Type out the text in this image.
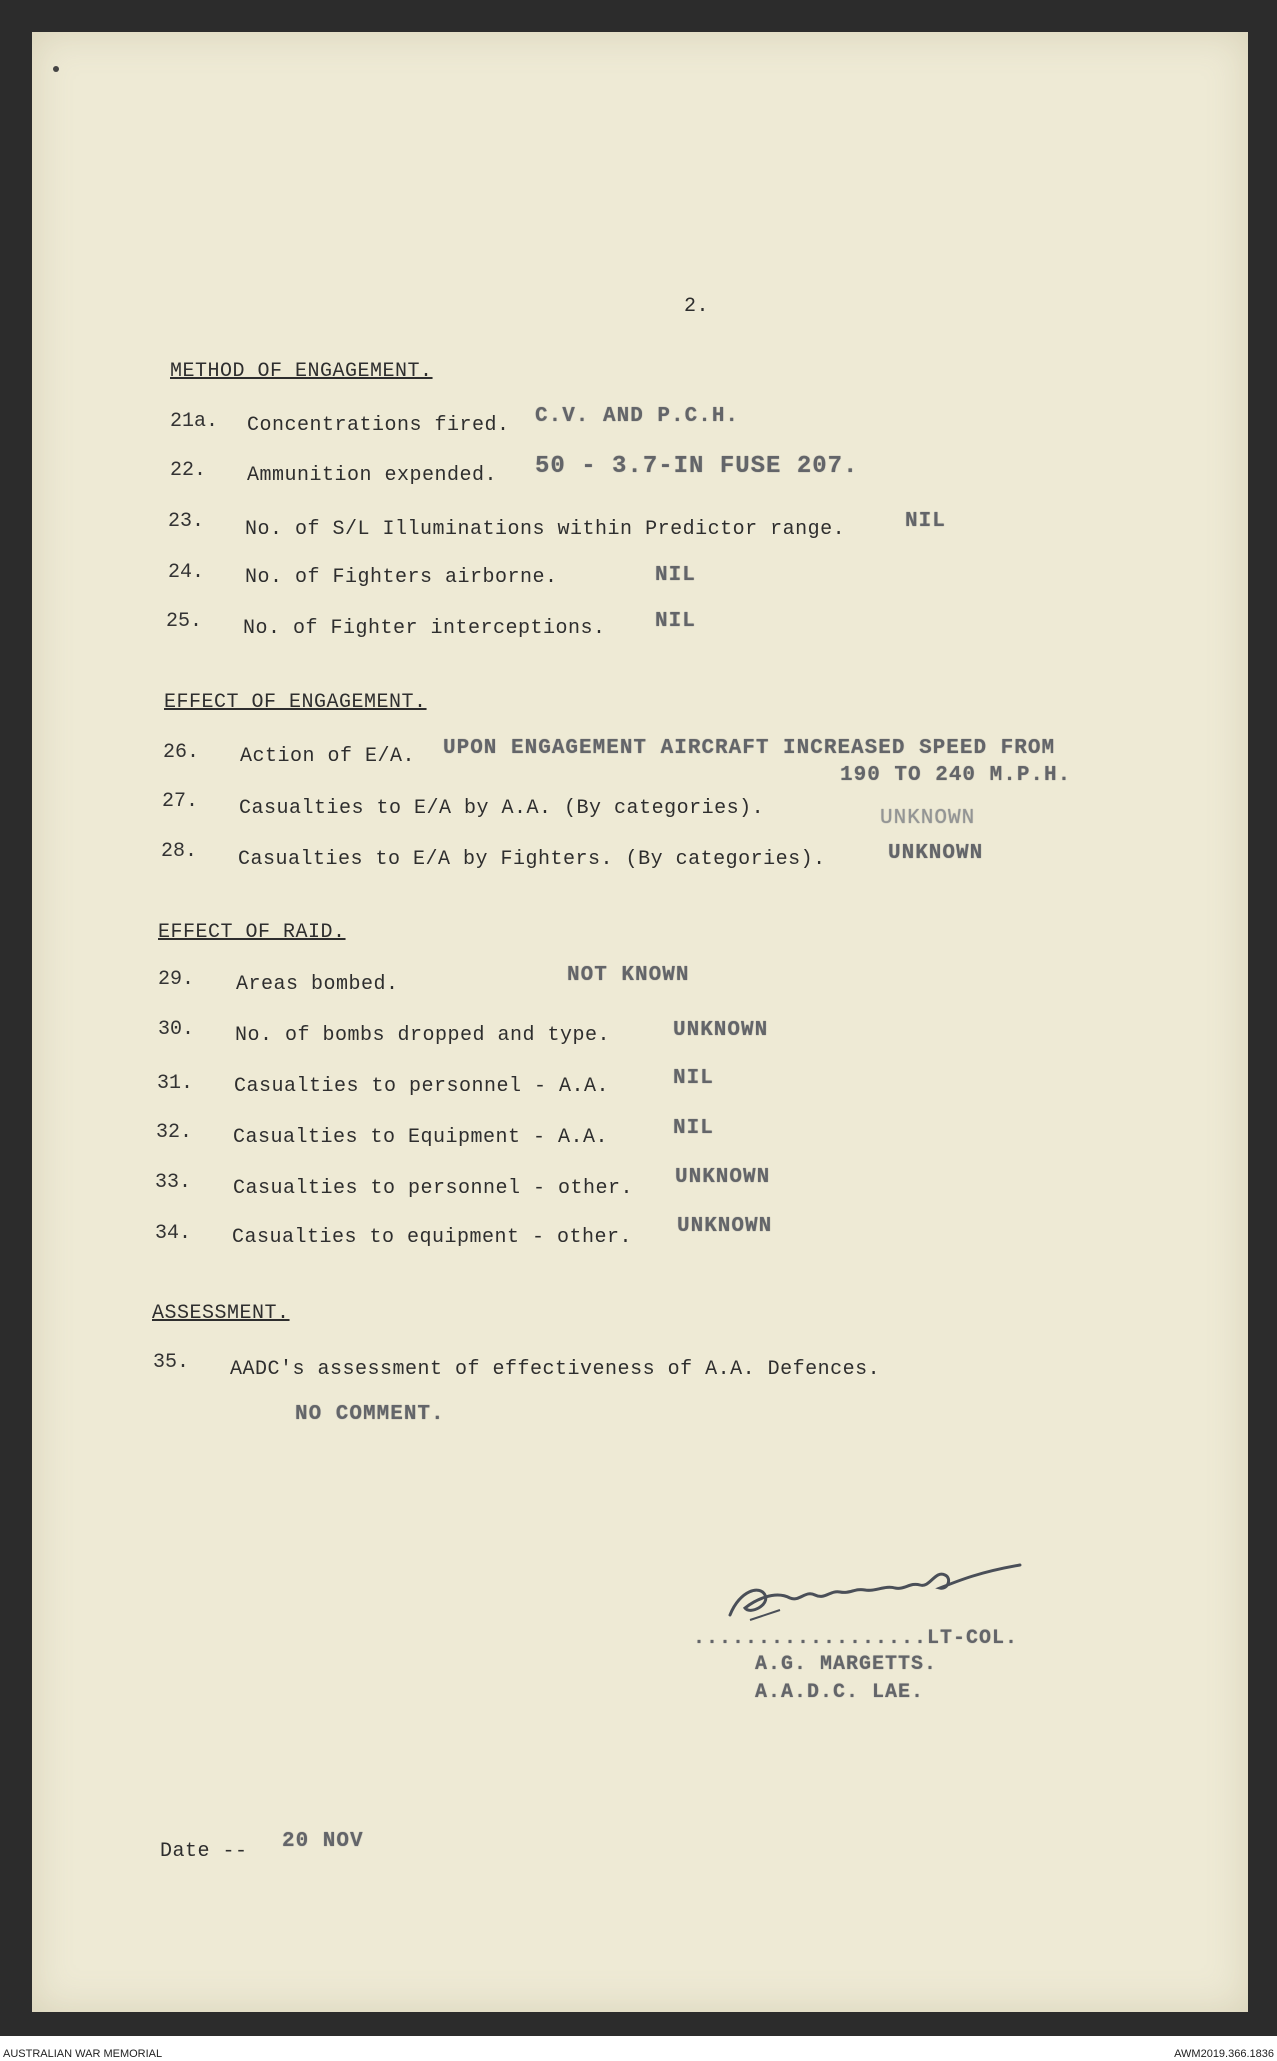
2.
METHOD OF ENGAGEMENT.
21a. Concentrations fired. C.V. AND P.C.H.
22. Ammunition expended. 50 - 3.7-IN FUSE 207.
23. No. of S/L Illuminations within Predictor range.	NIL
24. No. of Fighters airborne.	NIL
25. No. of Fighter interceptions. NIL
EFFECT OF ENGAGEMENT.
26. Action of E/A. UPON ENGAGEMENT AIRCRAFT INCREASED SPEED FROM
190 TO 240 M.P.H.
27. Casualties to E/A by A.A. (By categories).	UNKNOWN
28. Casualties to E/A by Fighters. (By categories).	UNKNOWN
EFFECT OF RAID.
29. Areas bombed.	NOT KNOWN
30. No. of bombs dropped and type.	UNKNOWN
31. Casualties to personnel - A.A.	NIL
32. Casualties to Equipment - A.A.	NIL
33. Casualties to personnel - other. UNKNOWN
34. Casualties to equipment - other. UNKNOWN
ASSESSMENT.
35. AADC's assessment of effectiveness of A.A. Defences.
NO COMMENT.
..................LT-COL.
A.G. MARGETTS.
A.A.D.C. LAE.
Date -- 20 NOV
AUSTRALIAN WAR MEMORIAL	AWM2019.366.1836
